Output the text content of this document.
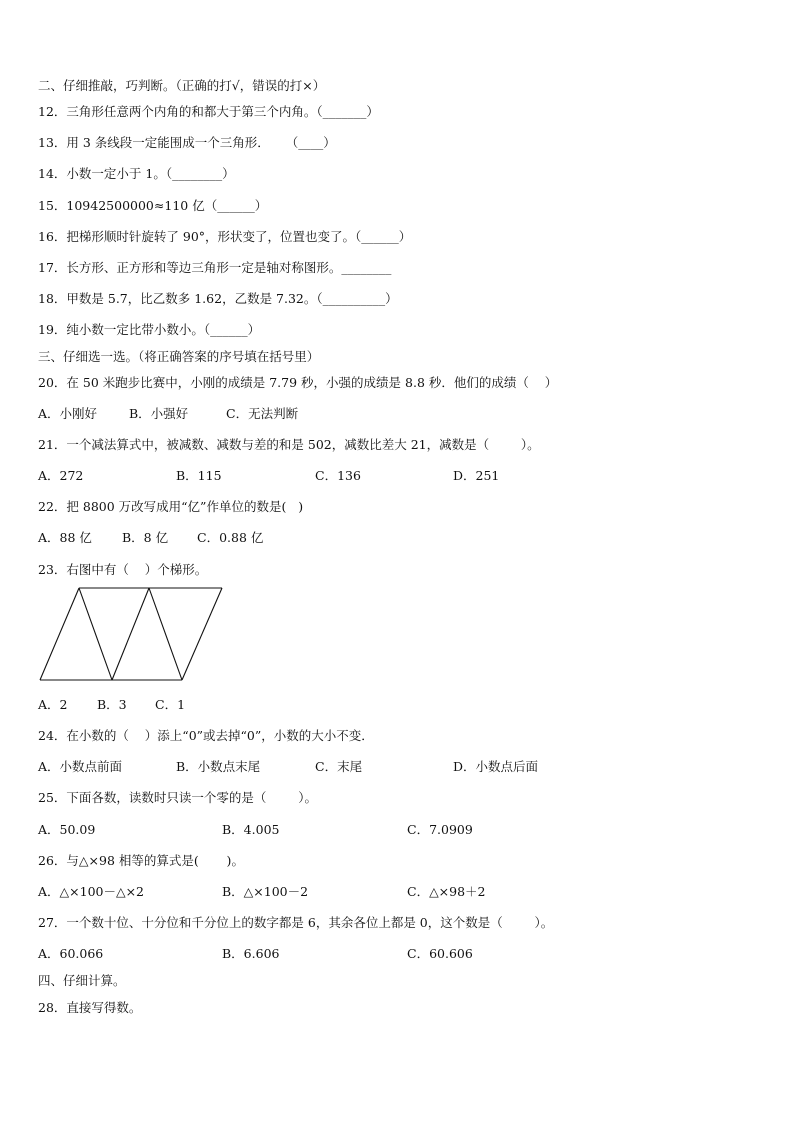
二、仔细推敲，巧判断。（正确的打√，错误的打×）
12．三角形任意两个内角的和都大于第三个内角。（_______）
13．用 3 条线段一定能围成一个三角形．    （____）
14．小数一定小于 1。（________）
15．10942500000≈110 亿（______）
16．把梯形顺时针旋转了 90°，形状变了，位置也变了。（______）
17．长方形、正方形和等边三角形一定是轴对称图形。________
18．甲数是 5.7，比乙数多 1.62，乙数是 7.32。（__________）
19．纯小数一定比带小数小。（______）
三、仔细选一选。（将正确答案的序号填在括号里）
20．在 50 米跑步比赛中，小刚的成绩是 7.79 秒，小强的成绩是 8.8 秒．他们的成绩（    ）
A．小刚好	B．小强好	C．无法判断
21．一个减法算式中，被减数、减数与差的和是 502，减数比差大 21，减数是（        ）。
A．272	B．115	C．136	D．251
22．把 8800 万改写成用“亿”作单位的数是(   )
A．88 亿 B．8 亿 C．0.88 亿
23．右图中有（    ）个梯形。
A．2 B．3 C．1
24．在小数的（    ）添上“0”或去掉“0”，小数的大小不变．
A．小数点前面	B．小数点末尾	C．末尾	D．小数点后面
25．下面各数，读数时只读一个零的是（        ）。
A．50.09	B．4.005	C．7.0909
26．与△×98 相等的算式是(       )。
A．△×100－△×2	B．△×100－2	C．△×98＋2
27．一个数十位、十分位和千分位上的数字都是 6，其余各位上都是 0，这个数是（        ）。
A．60.066	B．6.606	C．60.606
四、仔细计算。
28．直接写得数。
